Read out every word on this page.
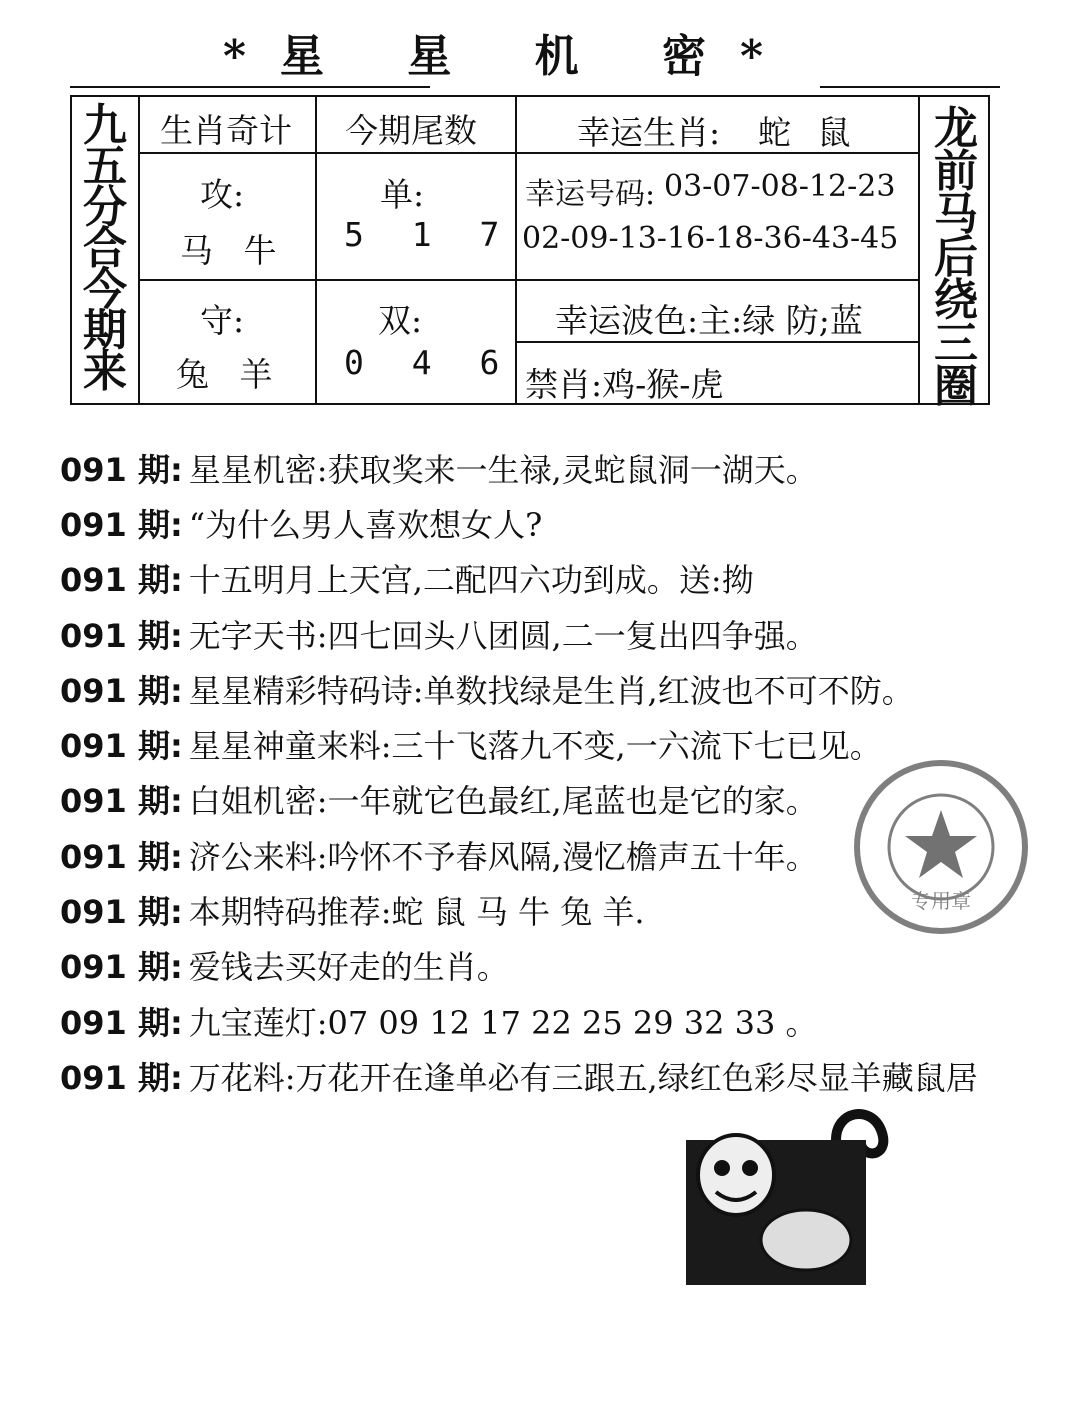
*星 星 机 密*
九五分合今期来
龙前马后绕三圈
生肖奇计 今期尾数	幸运生肖: 蛇 鼠
攻:
马 牛
单:
5 1 7
幸运号码: 03-07-08-12-23
02-09-13-16-18-36-43-45
守:
兔 羊
双:
0 4 6
幸运波色:主:绿 防;蓝
禁肖:鸡-猴-虎
091 期: 星星机密:获取奖来一生禄,灵蛇鼠洞一湖天。
091 期: “为什么男人喜欢想女人?
091 期: 十五明月上天宫,二配四六功到成。送:拗
091 期: 无字天书:四七回头八团圆,二一复出四争强。
091 期: 星星精彩特码诗:单数找绿是生肖,红波也不可不防。
091 期: 星星神童来料:三十飞落九不变,一六流下七已见。
091 期: 白姐机密:一年就它色最红,尾蓝也是它的家。
091 期: 济公来料:吟怀不予春风隔,漫忆檐声五十年。
091 期: 本期特码推荐:蛇 鼠 马 牛 兔 羊.
091 期: 爱钱去买好走的生肖。
091 期: 九宝莲灯:07 09 12 17 22 25 29 32 33 。
091 期: 万花料:万花开在逢单必有三跟五,绿红色彩尽显羊藏鼠居
专用章
